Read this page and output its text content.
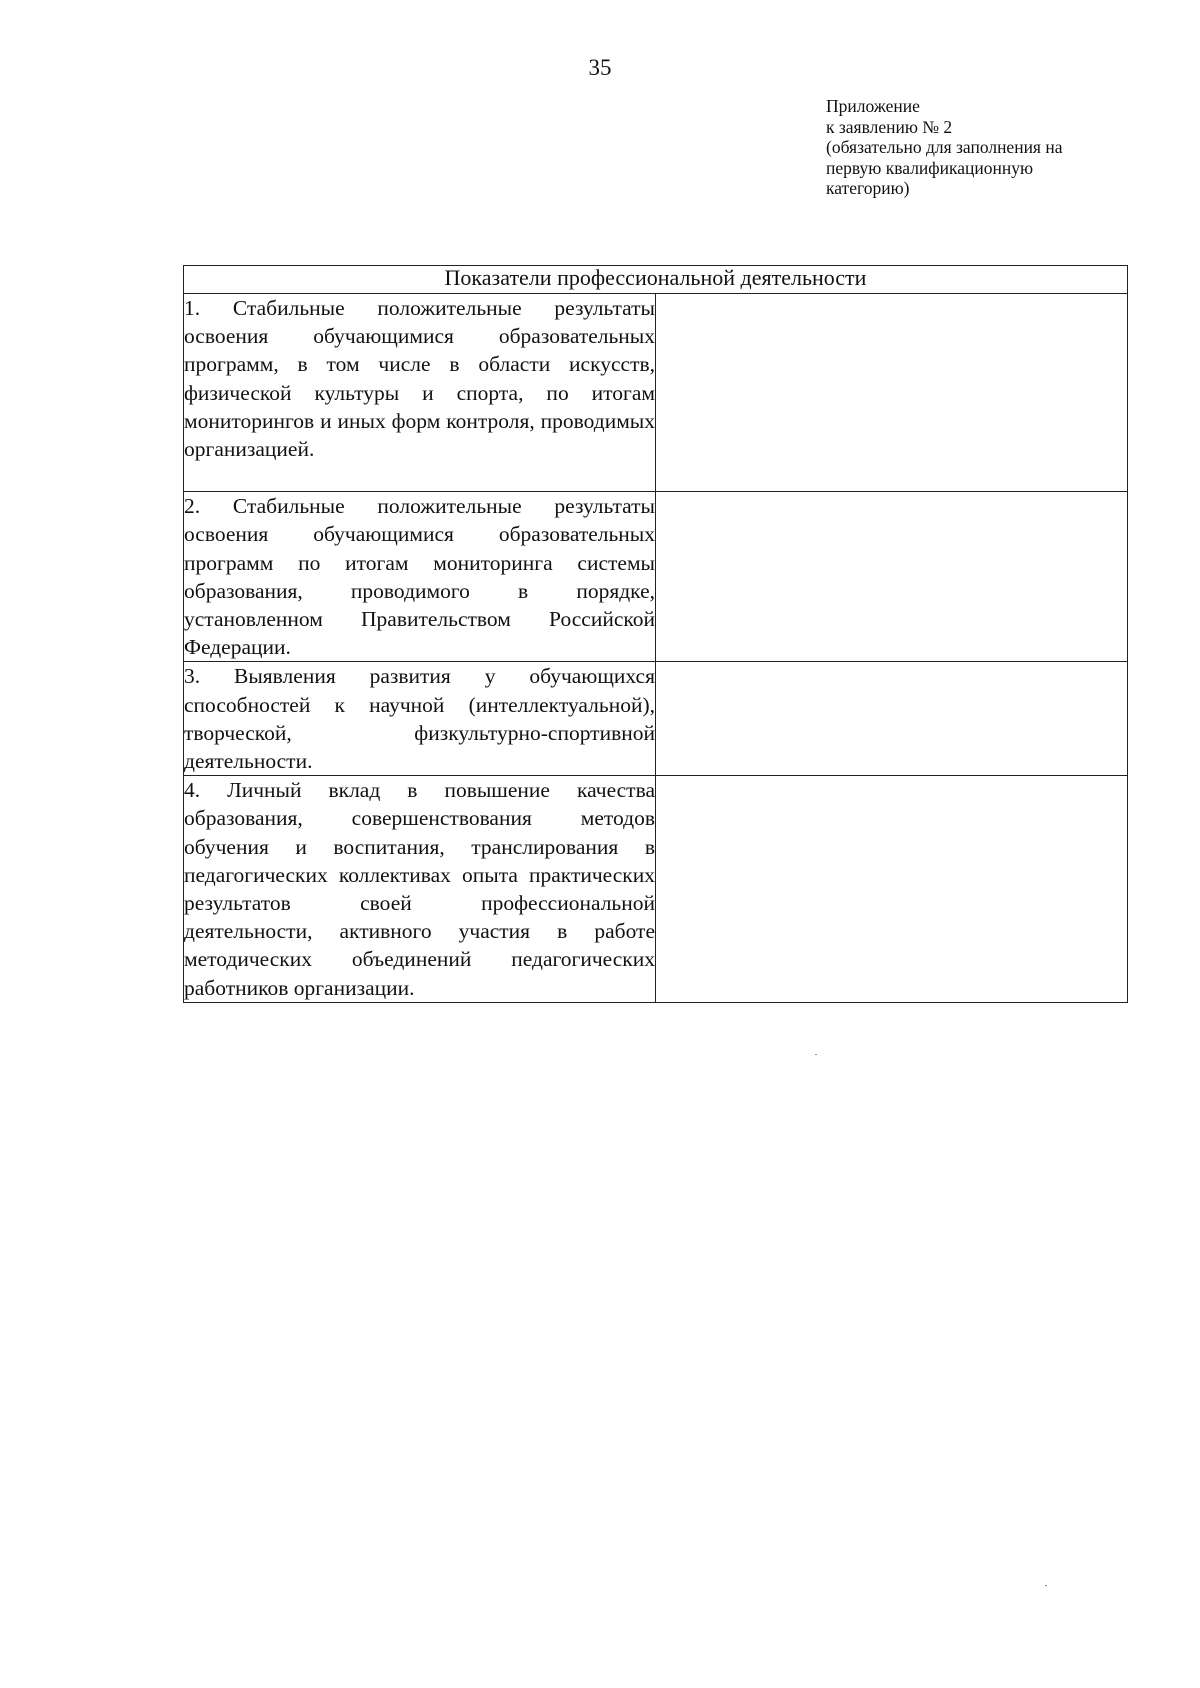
35
Приложение
к заявлению № 2
(обязательно для заполнения на
первую квалификационную
категорию)
Показатели профессиональной деятельности	

1. Стабильные положительные результаты освоения обучающимися образовательных программ, в том числе в области искусств, физической культуры и спорта, по итогам мониторингов и иных форм контроля, проводимых организацией.	

2. Стабильные положительные результаты освоения обучающимися образовательных программ по итогам мониторинга системы образования, проводимого в порядке, установленном Правительством Российской Федерации.	

3. Выявления развития у обучающихся способностей к научной (интеллектуальной), творческой, физкультурно-спортивной деятельности.	

4. Личный вклад в повышение качества образования, совершенствования методов обучения и воспитания, транслирования в педагогических коллективах опыта практических результатов своей профессиональной деятельности, активного участия в работе методических объединений педагогических работников организации.	
